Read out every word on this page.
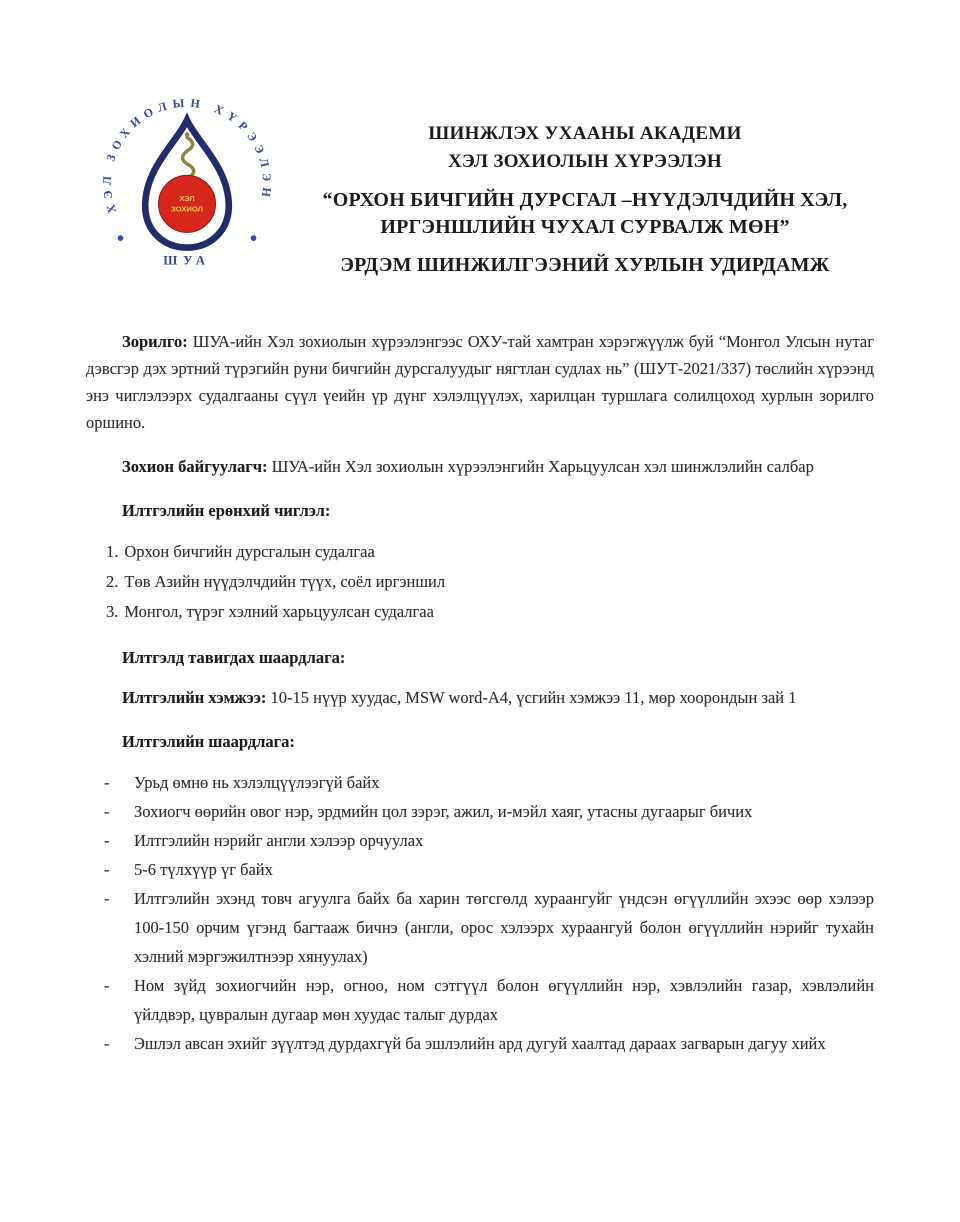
ХЭЛ ЗОХИОЛЫН ХҮРЭЭЛЭН
ШУА
ХЭЛ
ЗОХИОЛ
ШИНЖЛЭХ УХААНЫ АКАДЕМИ
ХЭЛ ЗОХИОЛЫН ХҮРЭЭЛЭН
“ОРХОН БИЧГИЙН ДУРСГАЛ –НҮҮДЭЛЧДИЙН ХЭЛ,
ИРГЭНШЛИЙН ЧУХАЛ СУРВАЛЖ МӨН”
ЭРДЭМ ШИНЖИЛГЭЭНИЙ ХУРЛЫН УДИРДАМЖ

Зорилго: ШУА-ийн Хэл зохиолын хүрээлэнгээс ОХУ-тай хамтран хэрэгжүүлж буй “Монгол Улсын нутаг дэвсгэр дэх эртний түрэгийн руни бичгийн дурсгалуудыг нягтлан судлах нь” (ШУТ-2021/337) төслийн хүрээнд энэ чиглэлээрх судалгааны сүүл үеийн үр дүнг хэлэлцүүлэх, харилцан туршлага солилцоход хурлын зорилго оршино.

Зохион байгуулагч: ШУА-ийн Хэл зохиолын хүрээлэнгийн Харьцуулсан хэл шинжлэлийн салбар

Илтгэлийн ерөнхий чиглэл:
1. Орхон бичгийн дурсгалын судалгаа
2. Төв Азийн нүүдэлчдийн түүх, соёл иргэншил
3. Монгол, түрэг хэлний харьцуулсан судалгаа
Илтгэлд тавигдах шаардлага:

Илтгэлийн хэмжээ: 10-15 нүүр хуудас, MSW word-A4, үсгийн хэмжээ 11, мөр хоорондын зай 1

Илтгэлийн шаардлага:
-	Урьд өмнө нь хэлэлцүүлээгүй байх
-	Зохиогч өөрийн овог нэр, эрдмийн цол зэрэг, ажил, и-мэйл хаяг, утасны дугаарыг бичих
-	Илтгэлийн нэрийг англи хэлээр орчуулах
-	5-6 түлхүүр үг байх
-	Илтгэлийн эхэнд товч агуулга байх ба харин төгсгөлд хураангуйг үндсэн өгүүллийн эхээс өөр хэлээр 100-150 орчим үгэнд багтааж бичнэ (англи, орос хэлээрх хураангуй болон өгүүллийн нэрийг тухайн хэлний мэргэжилтнээр хянуулах)
-	Ном зүйд зохиогчийн нэр, огноо, ном сэтгүүл болон өгүүллийн нэр, хэвлэлийн газар, хэвлэлийн үйлдвэр, цувралын дугаар мөн хуудас талыг дурдах
-	Эшлэл авсан эхийг зүүлтэд дурдахгүй ба эшлэлийн ард дугуй хаалтад дараах загварын дагуу хийх
